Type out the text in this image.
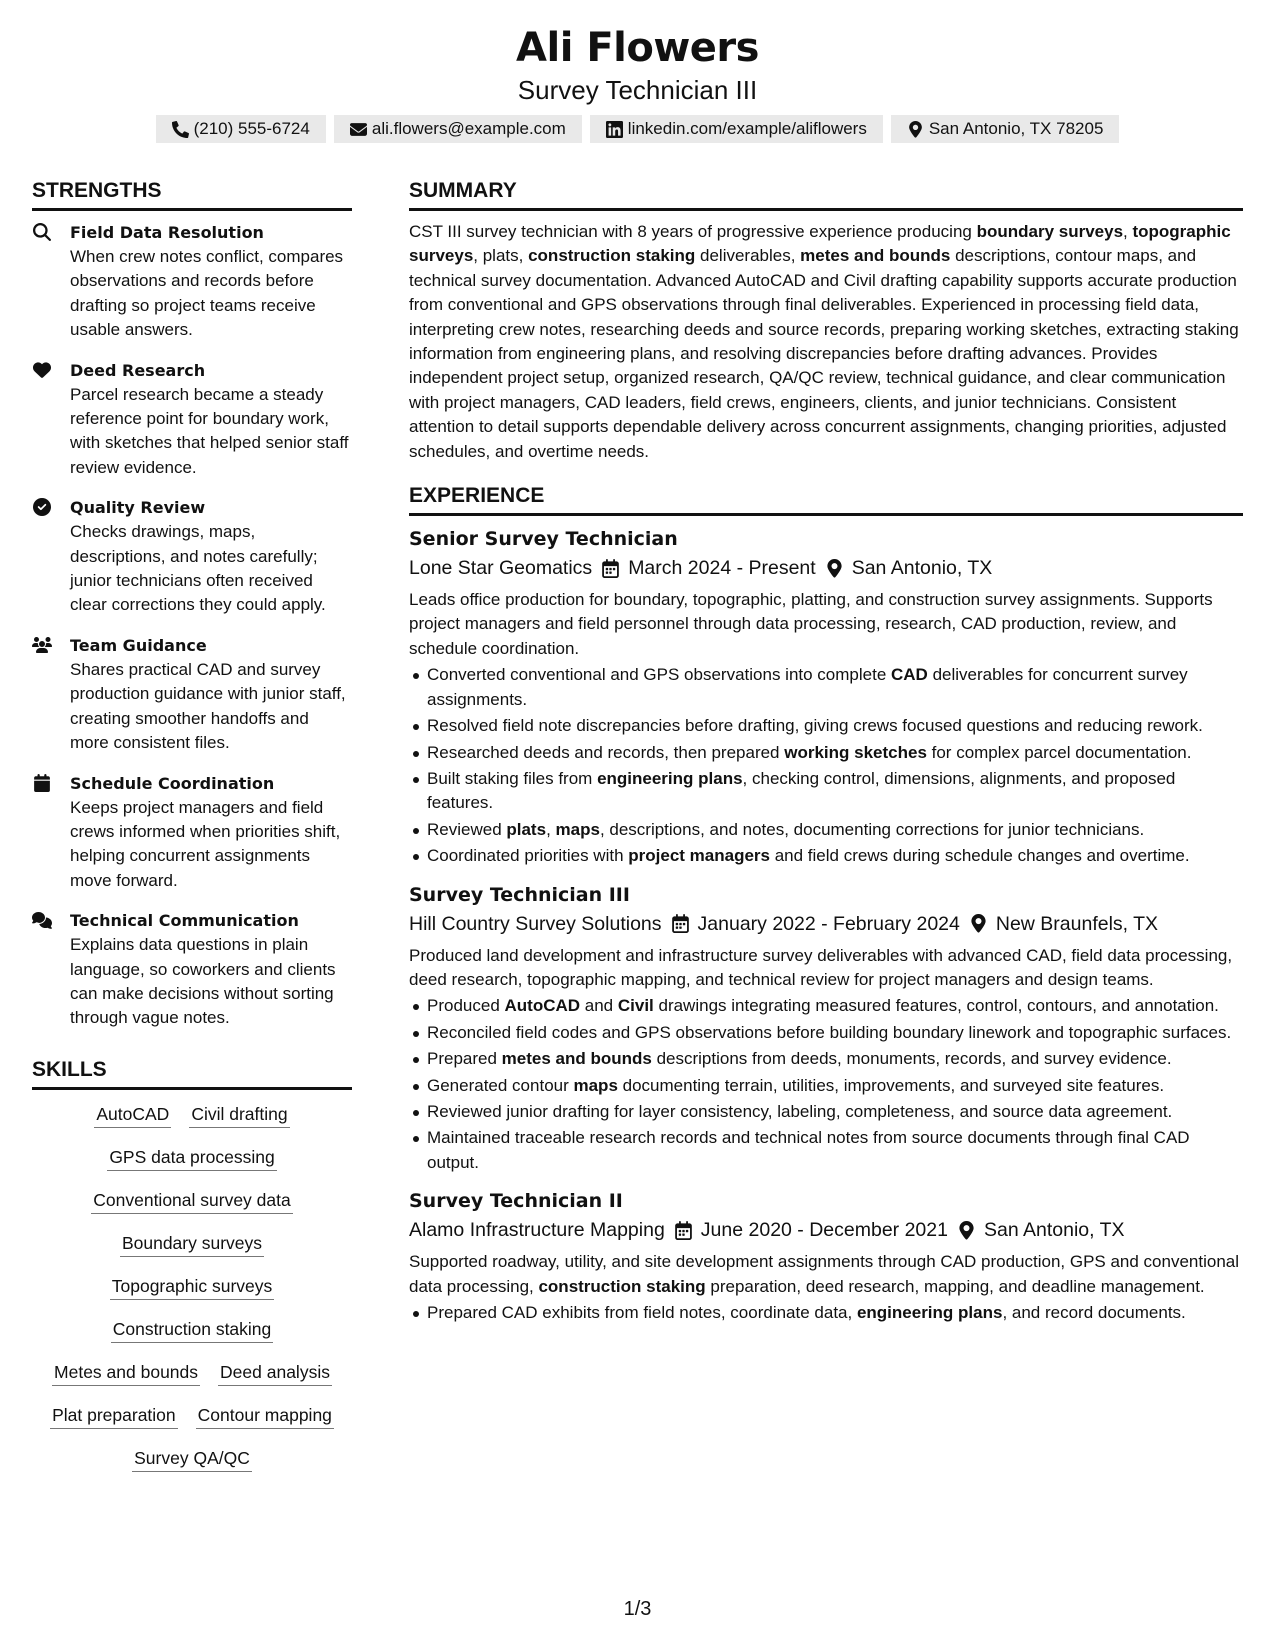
Ali Flowers
Survey Technician III
(210) 555-6724	ali.flowers@example.com	linkedin.com/example/aliflowers	San Antonio, TX 78205
STRENGTHS
Field Data Resolution
When crew notes conflict, compares observations and records before drafting so project teams receive usable answers.
Deed Research
Parcel research became a steady reference point for boundary work, with sketches that helped senior staff review evidence.
Quality Review
Checks drawings, maps, descriptions, and notes carefully; junior technicians often received clear corrections they could apply.
Team Guidance
Shares practical CAD and survey production guidance with junior staff, creating smoother handoffs and more consistent files.
Schedule Coordination
Keeps project managers and field crews informed when priorities shift, helping concurrent assignments move forward.
Technical Communication
Explains data questions in plain language, so coworkers and clients can make decisions without sorting through vague notes.
SKILLS
AutoCAD Civil drafting
GPS data processing
Conventional survey data
Boundary surveys
Topographic surveys
Construction staking
Metes and bounds Deed analysis
Plat preparation Contour mapping
Survey QA/QC
SUMMARY
CST III survey technician with 8 years of progressive experience producing boundary surveys, topographic surveys, plats, construction staking deliverables, metes and bounds descriptions, contour maps, and technical survey documentation. Advanced AutoCAD and Civil drafting capability supports accurate production from conventional and GPS observations through final deliverables. Experienced in processing field data, interpreting crew notes, researching deeds and source records, preparing working sketches, extracting staking information from engineering plans, and resolving discrepancies before drafting advances. Provides independent project setup, organized research, QA/QC review, technical guidance, and clear communication with project managers, CAD leaders, field crews, engineers, clients, and junior technicians. Consistent attention to detail supports dependable delivery across concurrent assignments, changing priorities, adjusted schedules, and overtime needs.
EXPERIENCE
Senior Survey Technician
Lone Star Geomatics March 2024 - Present San Antonio, TX
Leads office production for boundary, topographic, platting, and construction survey assignments. Supports project managers and field personnel through data processing, research, CAD production, review, and schedule coordination.
Converted conventional and GPS observations into complete CAD deliverables for concurrent survey assignments.
Resolved field note discrepancies before drafting, giving crews focused questions and reducing rework.
Researched deeds and records, then prepared working sketches for complex parcel documentation.
Built staking files from engineering plans, checking control, dimensions, alignments, and proposed features.
Reviewed plats, maps, descriptions, and notes, documenting corrections for junior technicians.
Coordinated priorities with project managers and field crews during schedule changes and overtime.
Survey Technician III
Hill Country Survey Solutions January 2022 - February 2024 New Braunfels, TX
Produced land development and infrastructure survey deliverables with advanced CAD, field data processing, deed research, topographic mapping, and technical review for project managers and design teams.
Produced AutoCAD and Civil drawings integrating measured features, control, contours, and annotation.
Reconciled field codes and GPS observations before building boundary linework and topographic surfaces.
Prepared metes and bounds descriptions from deeds, monuments, records, and survey evidence.
Generated contour maps documenting terrain, utilities, improvements, and surveyed site features.
Reviewed junior drafting for layer consistency, labeling, completeness, and source data agreement.
Maintained traceable research records and technical notes from source documents through final CAD output.
Survey Technician II
Alamo Infrastructure Mapping June 2020 - December 2021 San Antonio, TX
Supported roadway, utility, and site development assignments through CAD production, GPS and conventional data processing, construction staking preparation, deed research, mapping, and deadline management.
Prepared CAD exhibits from field notes, coordinate data, engineering plans, and record documents.
1/3
